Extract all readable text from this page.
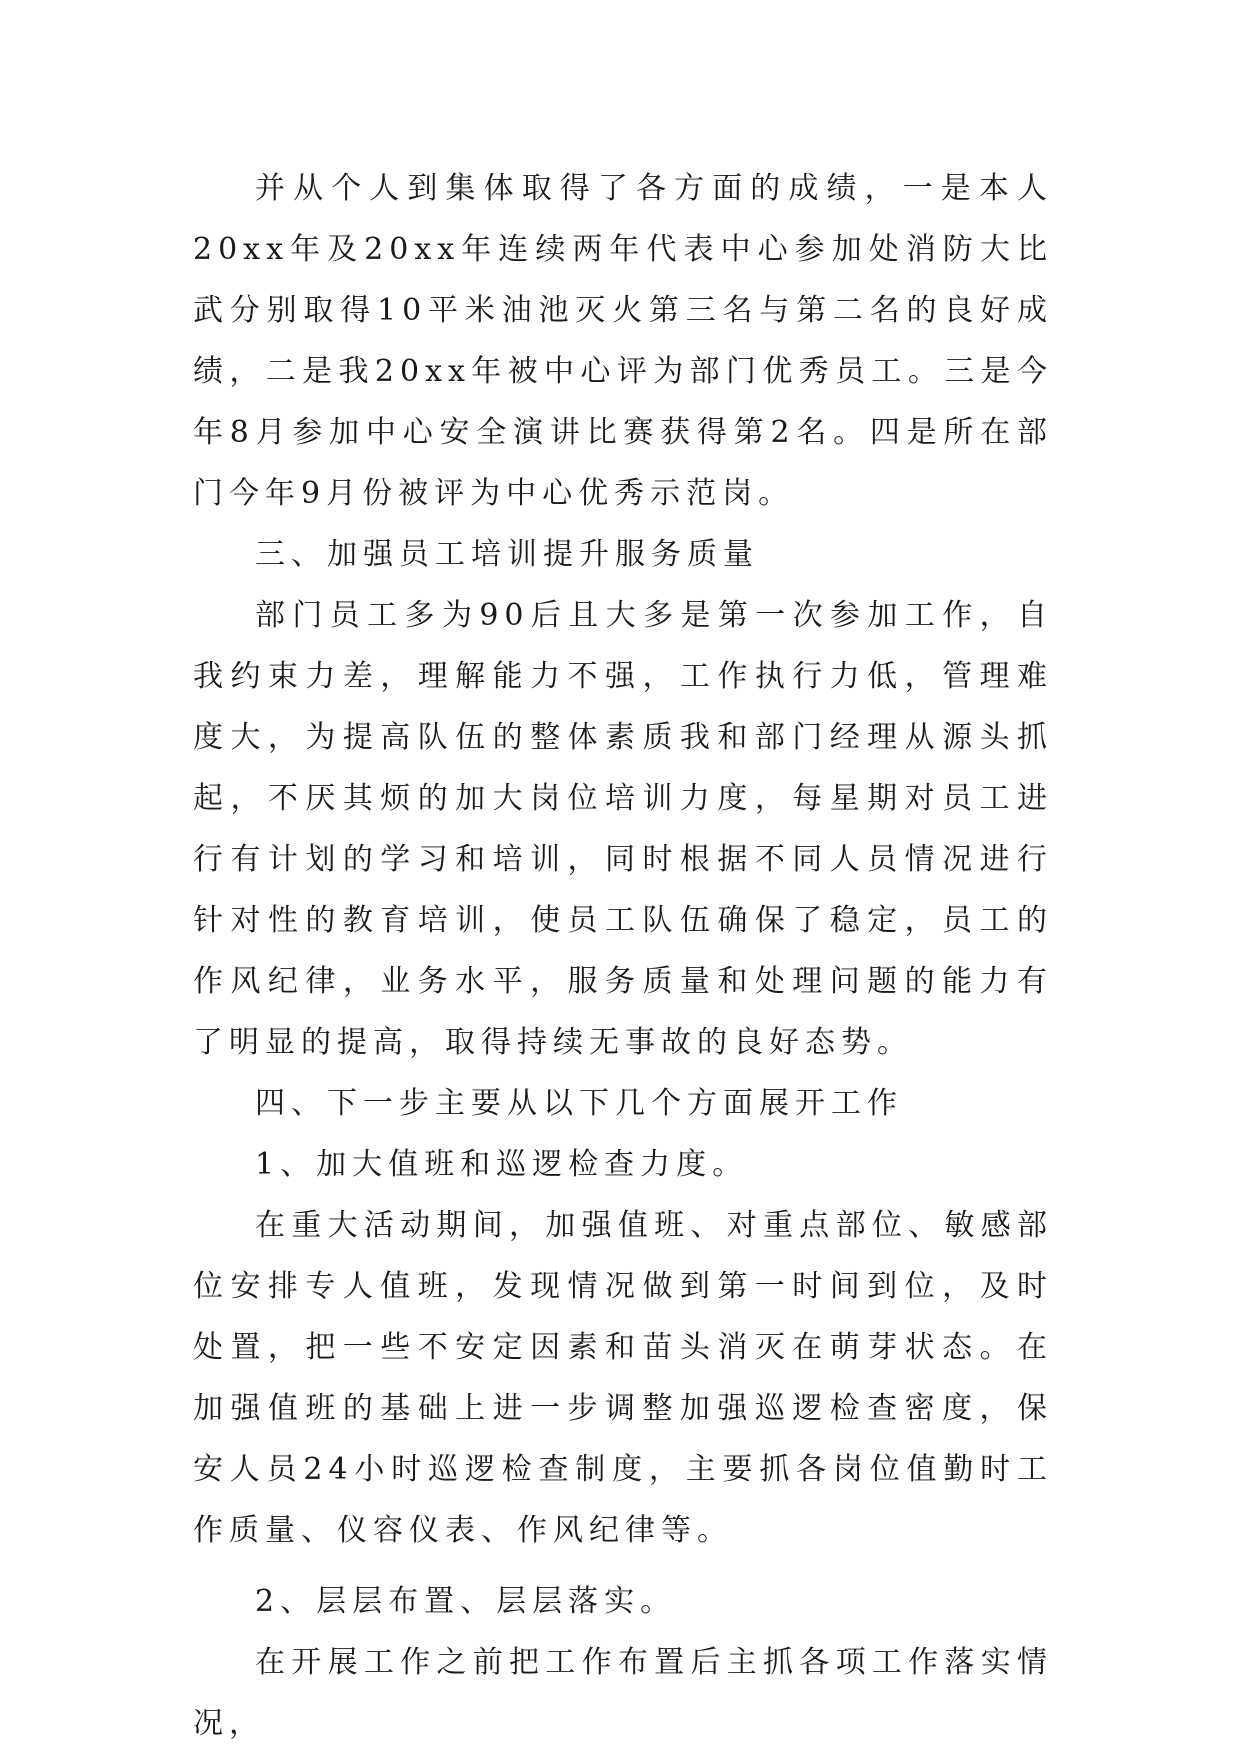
并从个人到集体取得了各方面的成绩，一是本人20xx年及20xx年连续两年代表中心参加处消防大比武分别取得10平米油池灭火第三名与第二名的良好成绩，二是我20xx年被中心评为部门优秀员工。三是今年8月参加中心安全演讲比赛获得第2名。四是所在部门今年9月份被评为中心优秀示范岗。

三、加强员工培训提升服务质量

部门员工多为90后且大多是第一次参加工作，自我约束力差，理解能力不强，工作执行力低，管理难度大，为提高队伍的整体素质我和部门经理从源头抓起，不厌其烦的加大岗位培训力度，每星期对员工进行有计划的学习和培训，同时根据不同人员情况进行针对性的教育培训，使员工队伍确保了稳定，员工的作风纪律，业务水平，服务质量和处理问题的能力有了明显的提高，取得持续无事故的良好态势。

四、下一步主要从以下几个方面展开工作

1、加大值班和巡逻检查力度。

在重大活动期间，加强值班、对重点部位、敏感部位安排专人值班，发现情况做到第一时间到位，及时处置，把一些不安定因素和苗头消灭在萌芽状态。在加强值班的基础上进一步调整加强巡逻检查密度，保安人员24小时巡逻检查制度，主要抓各岗位值勤时工作质量、仪容仪表、作风纪律等。

2、层层布置、层层落实。

在开展工作之前把工作布置后主抓各项工作落实情况，
